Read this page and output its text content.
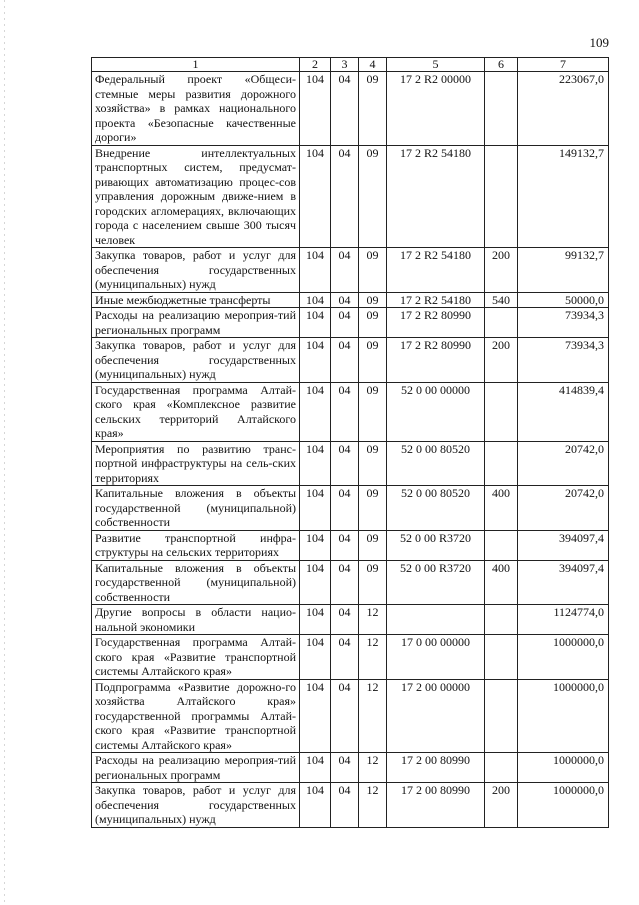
109
1	2	3	4	5	6	7
Федеральный проект «Общеси-стемные меры развития дорожного хозяйства» в рамках национального проекта «Безопасные качественные дороги»	104	04	09	17 2 R2 00000		223067,0
Внедрение интеллектуальных транспортных систем, предусмат-ривающих автоматизацию процес-сов управления дорожным движе-нием в городских агломерациях, включающих города с населением свыше 300 тысяч человек	104	04	09	17 2 R2 54180		149132,7
Закупка товаров, работ и услуг для обеспечения государственных (муниципальных) нужд	104	04	09	17 2 R2 54180	200	99132,7
Иные межбюджетные трансферты	104	04	09	17 2 R2 54180	540	50000,0
Расходы на реализацию мероприя-тий региональных программ	104	04	09	17 2 R2 80990		73934,3
Закупка товаров, работ и услуг для обеспечения государственных (муниципальных) нужд	104	04	09	17 2 R2 80990	200	73934,3
Государственная программа Алтай-ского края «Комплексное развитие сельских территорий Алтайского края»	104	04	09	52 0 00 00000		414839,4
Мероприятия по развитию транс-портной инфраструктуры на сель-ских территориях	104	04	09	52 0 00 80520		20742,0
Капитальные вложения в объекты государственной (муниципальной) собственности	104	04	09	52 0 00 80520	400	20742,0
Развитие транспортной инфра-структуры на сельских территориях	104	04	09	52 0 00 R3720		394097,4
Капитальные вложения в объекты государственной (муниципальной) собственности	104	04	09	52 0 00 R3720	400	394097,4
Другие вопросы в области нацио-нальной экономики	104	04	12			1124774,0
Государственная программа Алтай-ского края «Развитие транспортной системы Алтайского края»	104	04	12	17 0 00 00000		1000000,0
Подпрограмма «Развитие дорожно-го хозяйства Алтайского края» государственной программы Алтай-ского края «Развитие транспортной системы Алтайского края»	104	04	12	17 2 00 00000		1000000,0
Расходы на реализацию мероприя-тий региональных программ	104	04	12	17 2 00 80990		1000000,0
Закупка товаров, работ и услуг для обеспечения государственных (муниципальных) нужд	104	04	12	17 2 00 80990	200	1000000,0
